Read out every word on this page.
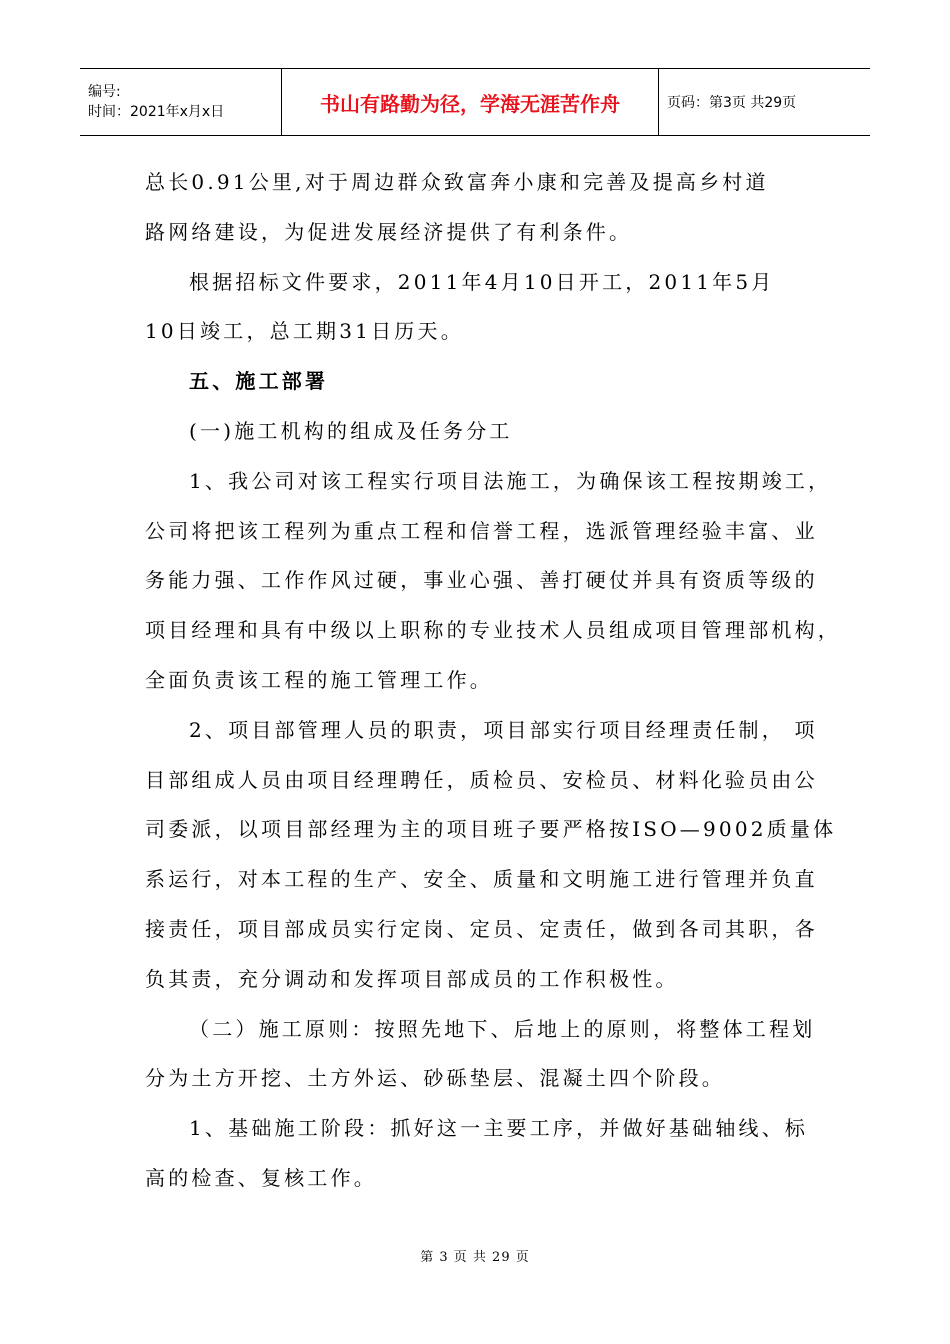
编号:
时间：2021年x月x日	书山有路勤为径，学海无涯苦作舟	页码：第3页 共29页
总长0.91公里,对于周边群众致富奔小康和完善及提高乡村道
路网络建设，为促进发展经济提供了有利条件。
根据招标文件要求，2011年4月10日开工，2011年5月
10日竣工，总工期31日历天。
五、施工部署
(一)施工机构的组成及任务分工
1、我公司对该工程实行项目法施工，为确保该工程按期竣工，
公司将把该工程列为重点工程和信誉工程，选派管理经验丰富、业
务能力强、工作作风过硬，事业心强、善打硬仗并具有资质等级的
项目经理和具有中级以上职称的专业技术人员组成项目管理部机构，
全面负责该工程的施工管理工作。
2、项目部管理人员的职责，项目部实行项目经理责任制， 项
目部组成人员由项目经理聘任，质检员、安检员、材料化验员由公
司委派，以项目部经理为主的项目班子要严格按ISO—9002质量体
系运行，对本工程的生产、安全、质量和文明施工进行管理并负直
接责任，项目部成员实行定岗、定员、定责任，做到各司其职，各
负其责，充分调动和发挥项目部成员的工作积极性。
（二）施工原则：按照先地下、后地上的原则，将整体工程划
分为土方开挖、土方外运、砂砾垫层、混凝土四个阶段。
1、基础施工阶段：抓好这一主要工序，并做好基础轴线、标
高的检查、复核工作。
第 3 页 共 29 页
